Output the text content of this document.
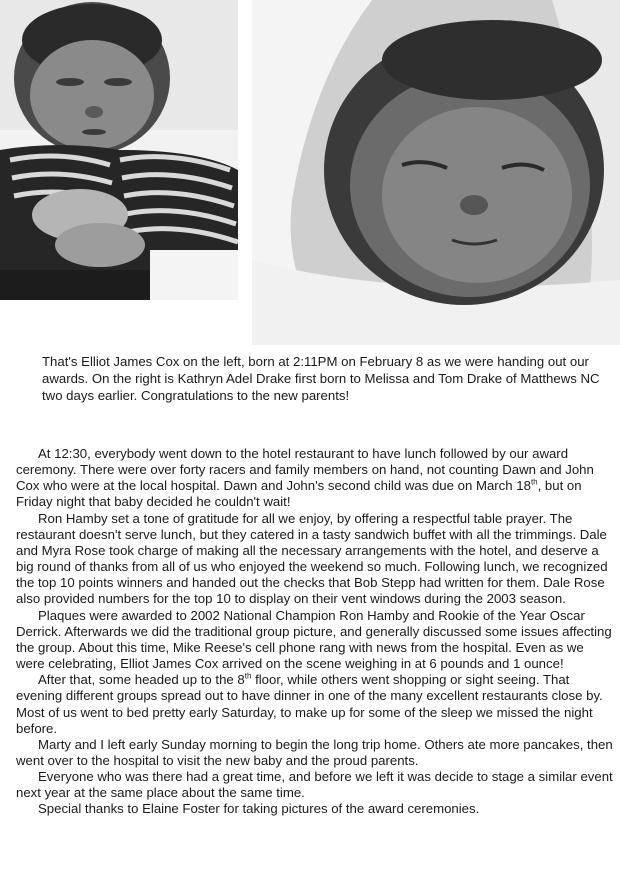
That's Elliot James Cox on the left, born at 2:11PM on February 8 as we were handing out our awards. On the right is Kathryn Adel Drake first born to Melissa and Tom Drake of Matthews NC two days earlier. Congratulations to the new parents!

At 12:30, everybody went down to the hotel restaurant to have lunch followed by our award ceremony. There were over forty racers and family members on hand, not counting Dawn and John Cox who were at the local hospital. Dawn and John's second child was due on March 18th, but on Friday night that baby decided he couldn't wait!

Ron Hamby set a tone of gratitude for all we enjoy, by offering a respectful table prayer. The restaurant doesn't serve lunch, but they catered in a tasty sandwich buffet with all the trimmings. Dale and Myra Rose took charge of making all the necessary arrangements with the hotel, and deserve a big round of thanks from all of us who enjoyed the weekend so much. Following lunch, we recognized the top 10 points winners and handed out the checks that Bob Stepp had written for them. Dale Rose also provided numbers for the top 10 to display on their vent windows during the 2003 season.

Plaques were awarded to 2002 National Champion Ron Hamby and Rookie of the Year Oscar Derrick. Afterwards we did the traditional group picture, and generally discussed some issues affecting the group. About this time, Mike Reese's cell phone rang with news from the hospital. Even as we were celebrating, Elliot James Cox arrived on the scene weighing in at 6 pounds and 1 ounce!

After that, some headed up to the 8th floor, while others went shopping or sight seeing. That evening different groups spread out to have dinner in one of the many excellent restaurants close by. Most of us went to bed pretty early Saturday, to make up for some of the sleep we missed the night before.

Marty and I left early Sunday morning to begin the long trip home. Others ate more pancakes, then went over to the hospital to visit the new baby and the proud parents.

Everyone who was there had a great time, and before we left it was decide to stage a similar event next year at the same place about the same time.

Special thanks to Elaine Foster for taking pictures of the award ceremonies.
